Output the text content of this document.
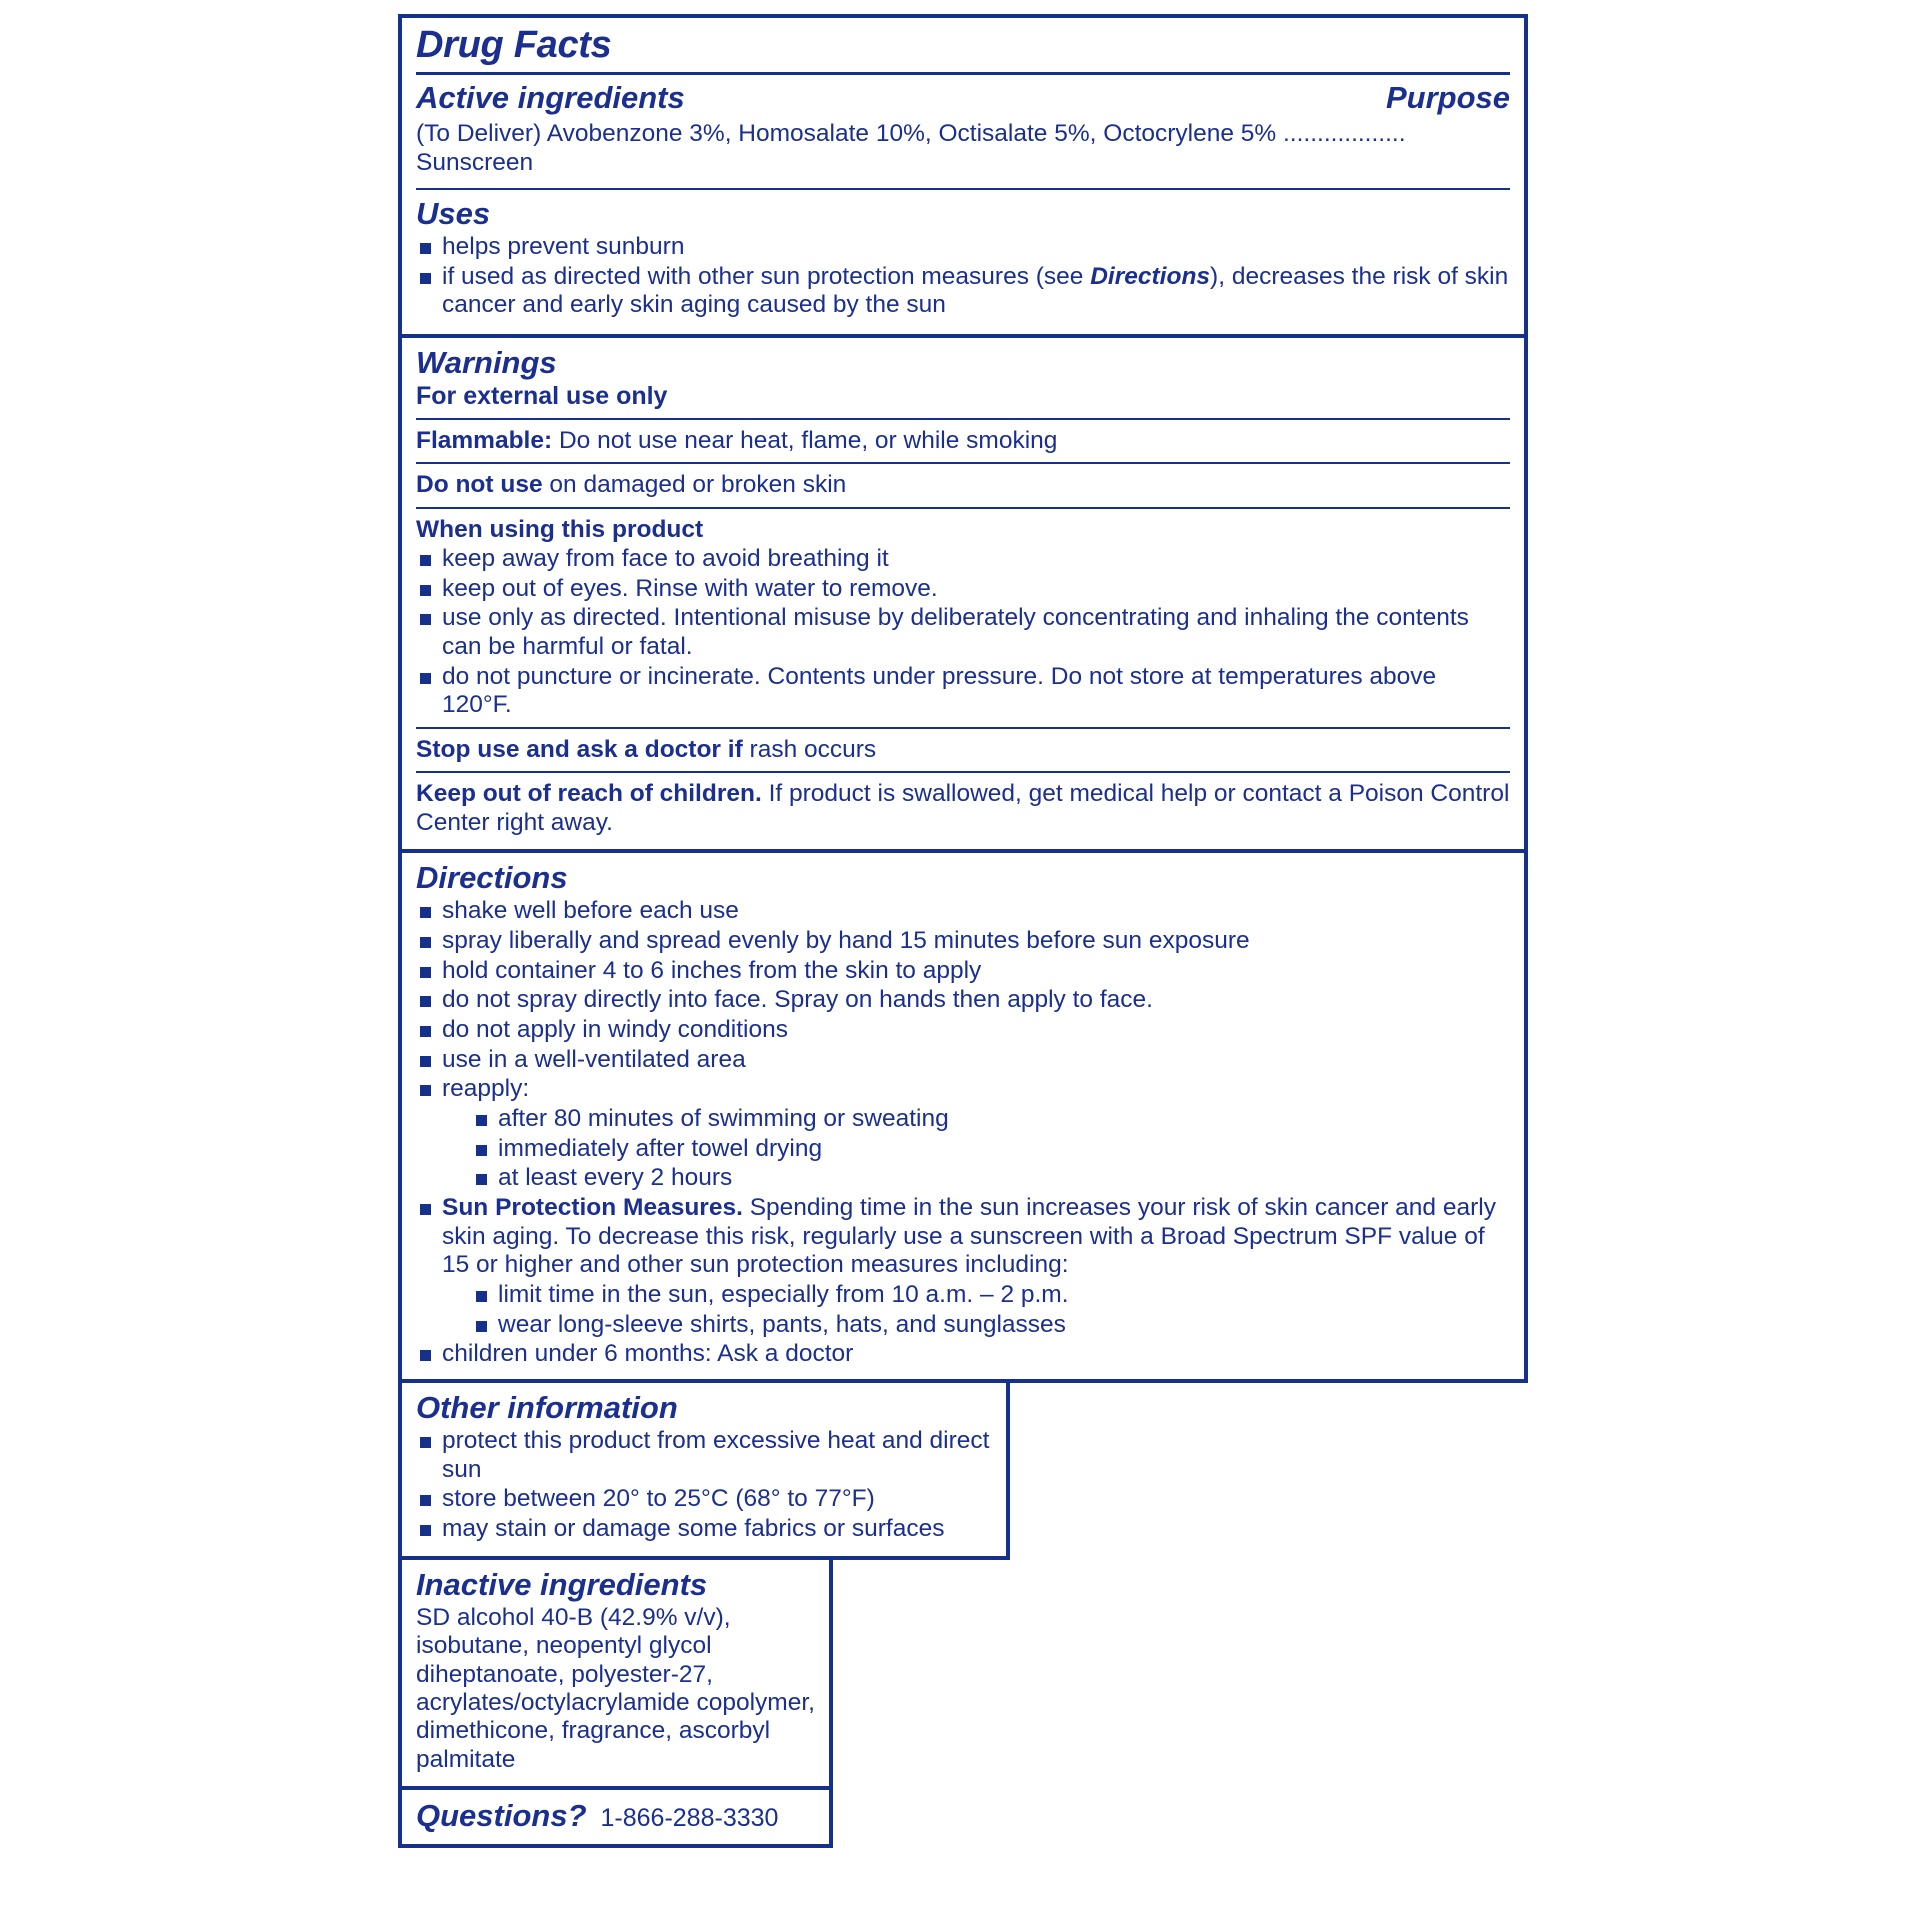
Drug Facts
Active ingredients	Purpose
(To Deliver) Avobenzone 3%, Homosalate 10%, Octisalate 5%, Octocrylene 5% .................. Sunscreen
Uses
helps prevent sunburn
if used as directed with other sun protection measures (see Directions), decreases the risk of skin cancer and early skin aging caused by the sun
Warnings
For external use only
Flammable: Do not use near heat, flame, or while smoking
Do not use on damaged or broken skin
When using this product
keep away from face to avoid breathing it
keep out of eyes. Rinse with water to remove.
use only as directed. Intentional misuse by deliberately concentrating and inhaling the contents can be harmful or fatal.
do not puncture or incinerate. Contents under pressure. Do not store at temperatures above 120°F.
Stop use and ask a doctor if rash occurs
Keep out of reach of children. If product is swallowed, get medical help or contact a Poison Control Center right away.
Directions
shake well before each use
spray liberally and spread evenly by hand 15 minutes before sun exposure
hold container 4 to 6 inches from the skin to apply
do not spray directly into face. Spray on hands then apply to face.
do not apply in windy conditions
use in a well-ventilated area
reapply:
after 80 minutes of swimming or sweating
immediately after towel drying
at least every 2 hours
Sun Protection Measures. Spending time in the sun increases your risk of skin cancer and early skin aging. To decrease this risk, regularly use a sunscreen with a Broad Spectrum SPF value of 15 or higher and other sun protection measures including:
limit time in the sun, especially from 10 a.m. – 2 p.m.
wear long-sleeve shirts, pants, hats, and sunglasses
children under 6 months: Ask a doctor
Other information
protect this product from excessive heat and direct sun
store between 20° to 25°C (68° to 77°F)
may stain or damage some fabrics or surfaces
Inactive ingredients
SD alcohol 40-B (42.9% v/v), isobutane, neopentyl glycol diheptanoate, polyester-27, acrylates/octylacrylamide copolymer, dimethicone, fragrance, ascorbyl palmitate
Questions? 1-866-288-3330
